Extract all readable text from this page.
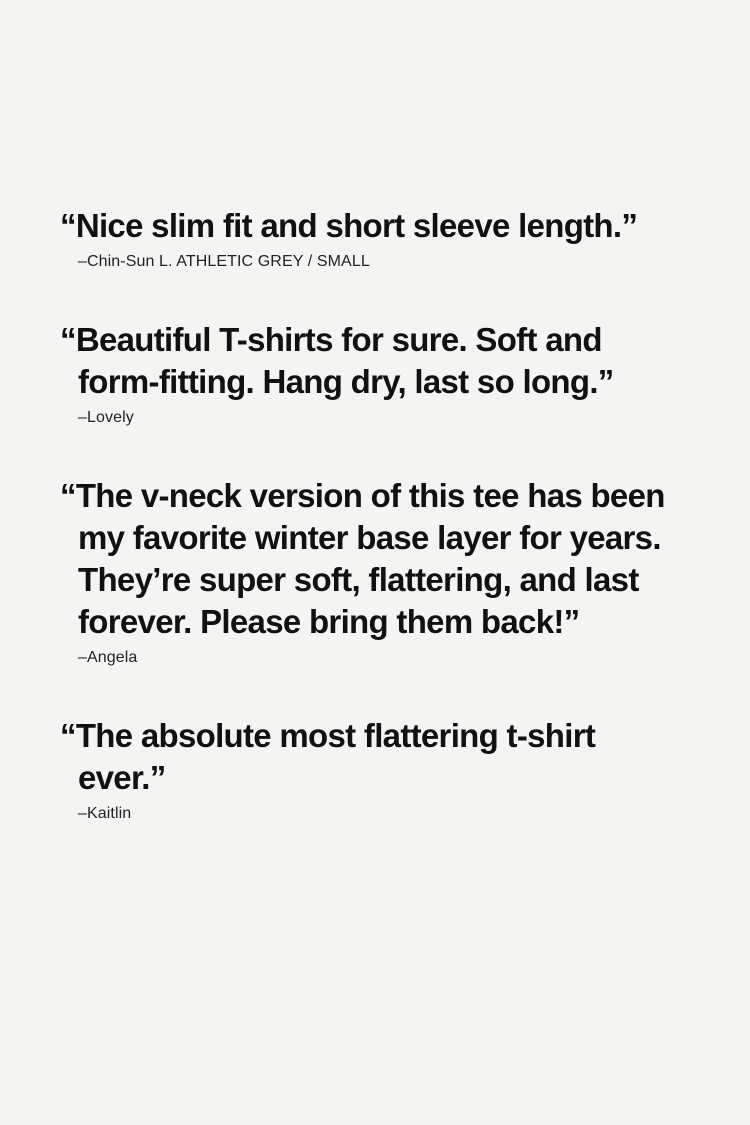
“Nice slim fit and short sleeve length.”

–Chin-Sun L. ATHLETIC GREY / SMALL

“Beautiful T-shirts for sure. Soft and form-fitting. Hang dry, last so long.”

–Lovely

“The v-neck version of this tee has been my favorite winter base layer for years. They’re super soft, flattering, and last forever. Please bring them back!”

–Angela

“The absolute most flattering t-shirt ever.”

–Kaitlin
